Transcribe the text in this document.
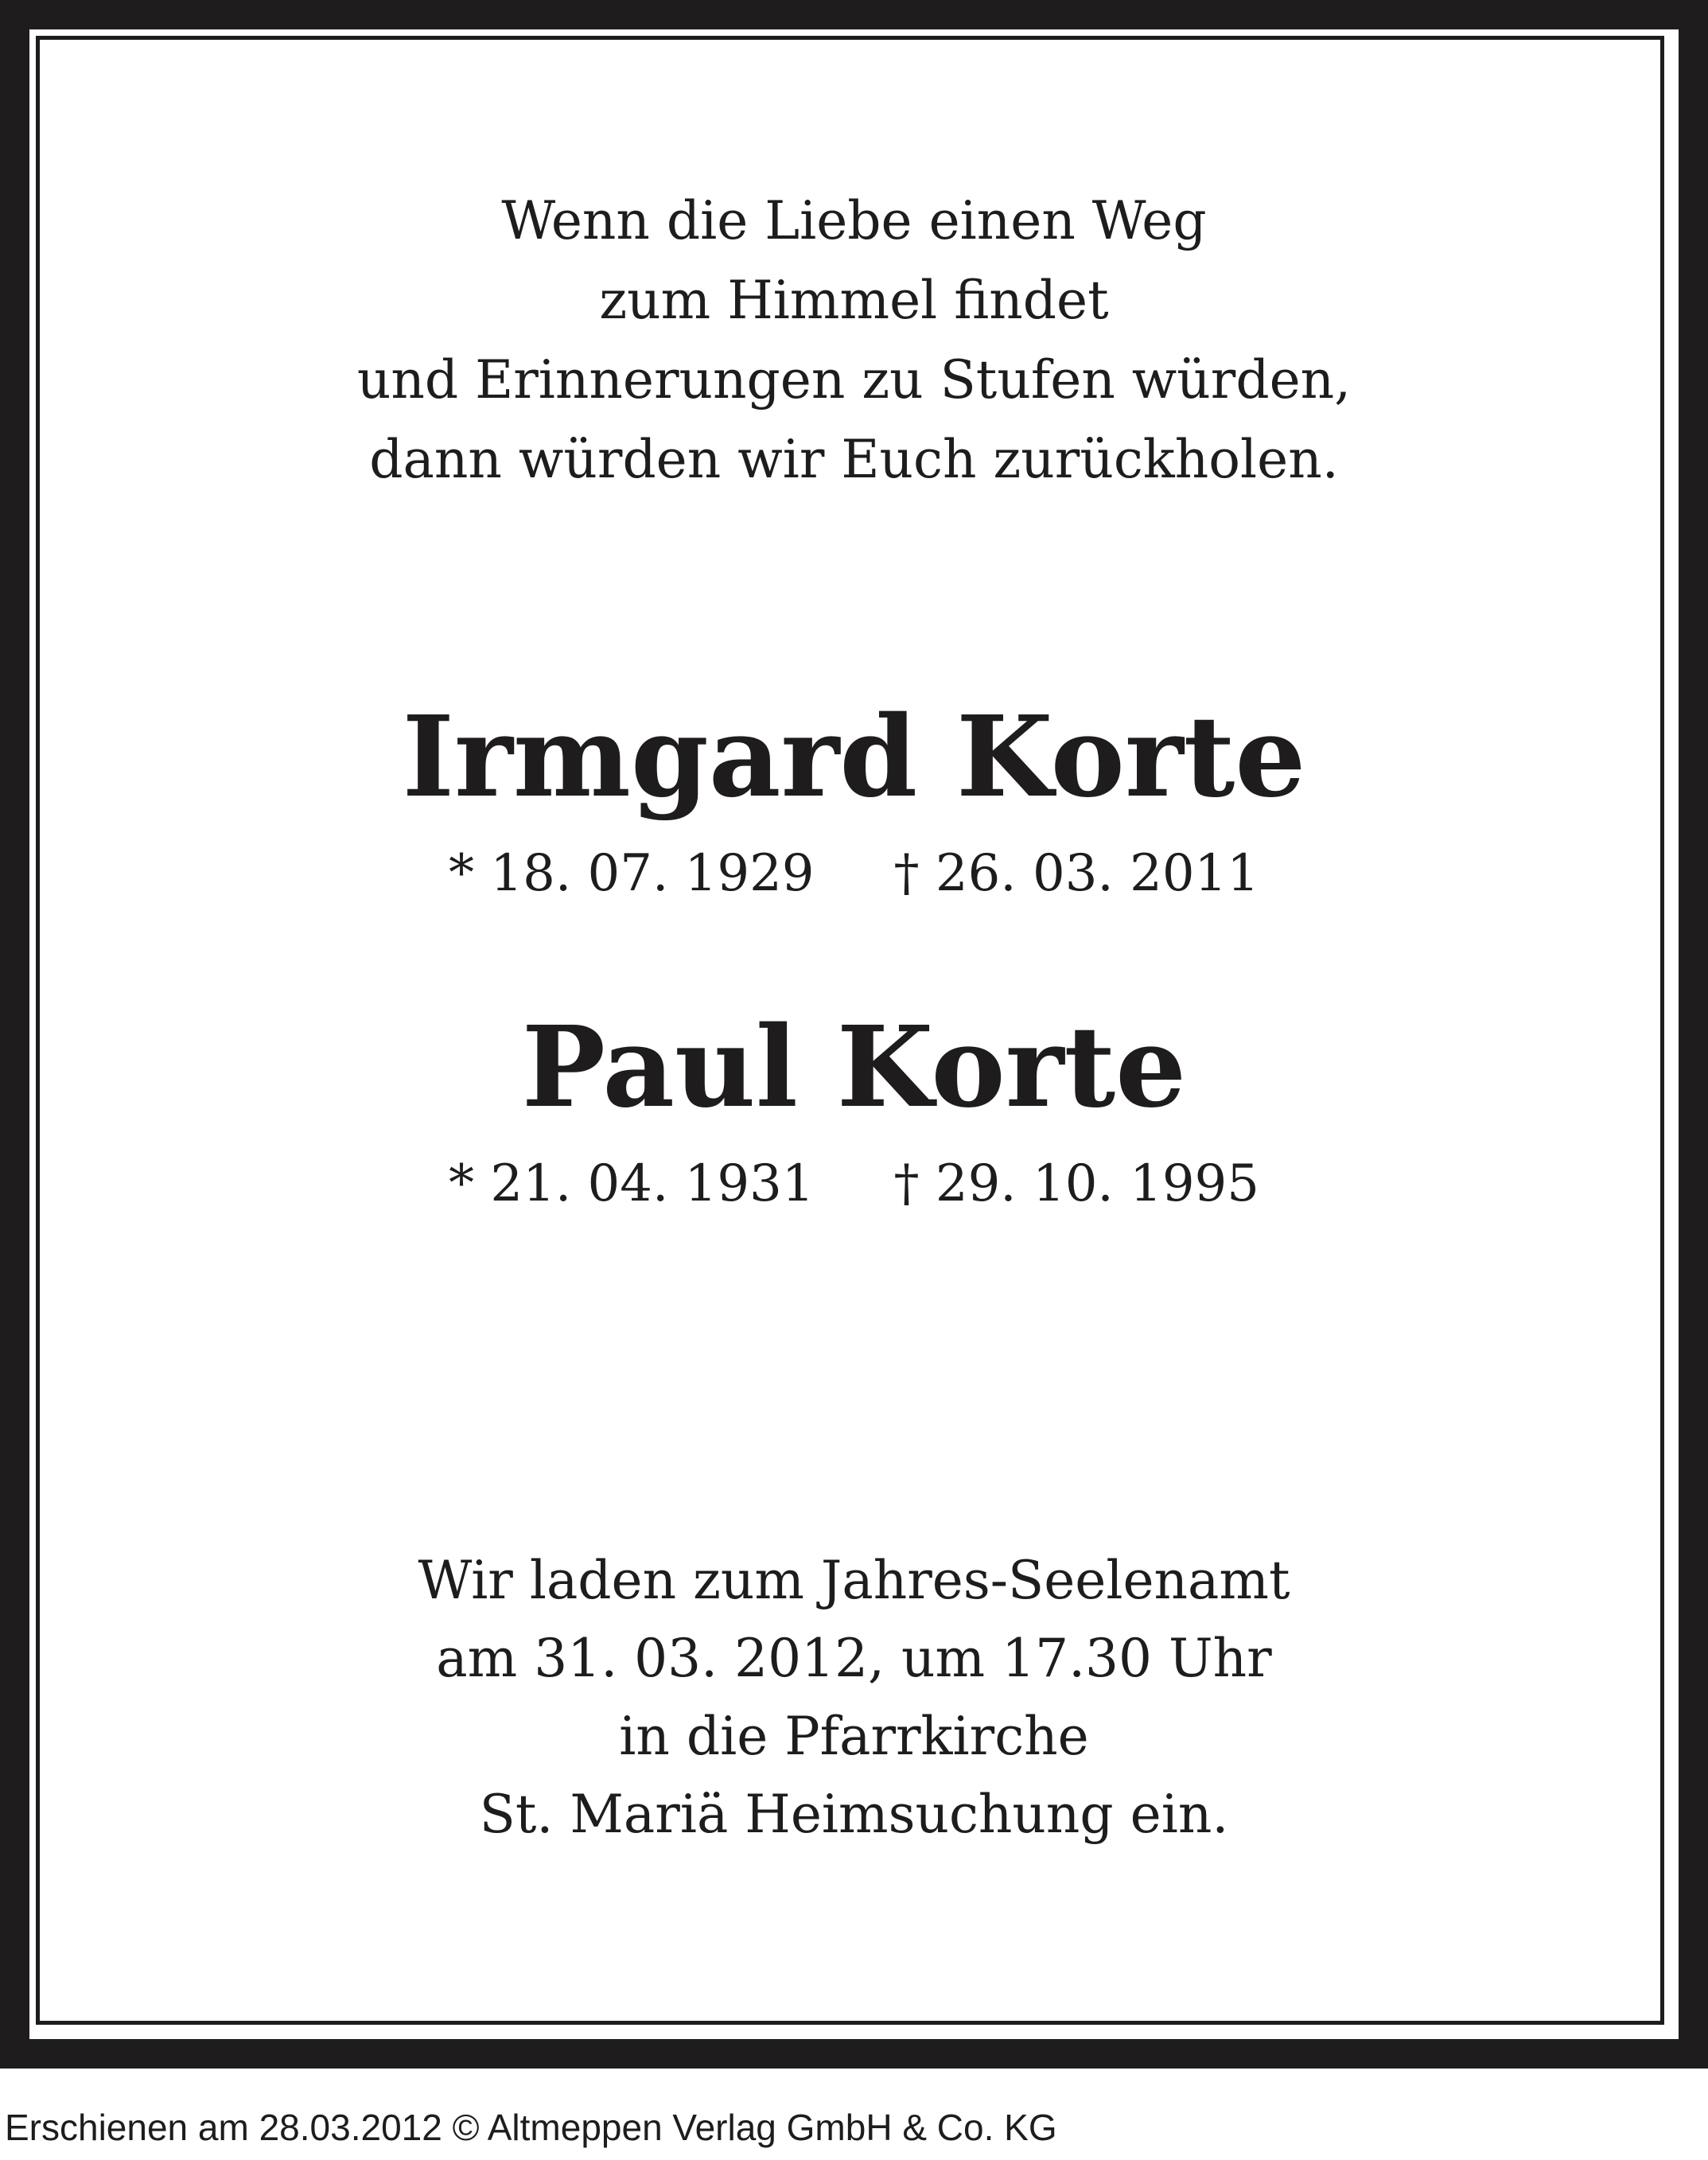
Wenn die Liebe einen Weg
zum Himmel findet
und Erinnerungen zu Stufen würden,
dann würden wir Euch zurückholen.
Irmgard Korte
* 18. 07. 1929 † 26. 03. 2011
Paul Korte
* 21. 04. 1931 † 29. 10. 1995
Wir laden zum Jahres-Seelenamt
am 31. 03. 2012, um 17.30 Uhr
in die Pfarrkirche
St. Mariä Heimsuchung ein.
Erschienen am 28.03.2012 © Altmeppen Verlag GmbH & Co. KG
